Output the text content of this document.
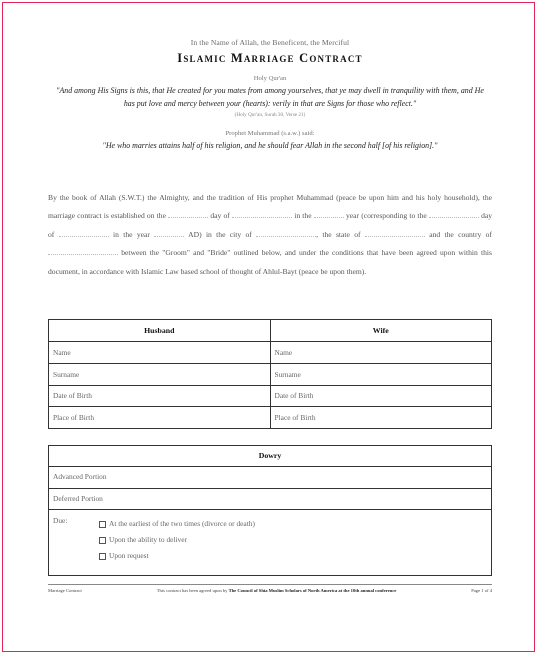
In the Name of Allah, the Beneficent, the Merciful
Islamic Marriage Contract
Holy Qur'an
"And among His Signs is this, that He created for you mates from among yourselves, that ye may dwell in tranquility with them, and He has put love and mercy between your (hearts): verily in that are Signs for those who reflect."
(Holy Qur'an, Surah 30, Verse 21)
Prophet Muhammad (s.a.w.) said:
"He who marries attains half of his religion, and he should fear Allah in the second half [of his religion]."
By the book of Allah (S.W.T.) the Almighty, and the tradition of His prophet Muhammad (peace be upon him and his holy household), the marriage contract is established on the	day of	in the	year (corresponding to the	day of	in the year	AD) in the city of	, the state of	and the country of  between the "Groom" and "Bride" outlined below, and under the conditions that have been agreed upon within this document, in accordance with Islamic Law based school of thought of Ahlul-Bayt (peace be upon them).
Husband	Wife
Name	Name
Surname	Surname
Date of Birth	Date of Birth
Place of Birth	Place of Birth
Dowry
Advanced Portion
Deferred Portion
Due:	At the earliest of the two times (divorce or death)
Upon the ability to deliver
Upon request
Marriage Contract	This contract has been agreed upon by The Council of Shia Muslim Scholars of North America at the 10th annual conference	Page 1 of 4
